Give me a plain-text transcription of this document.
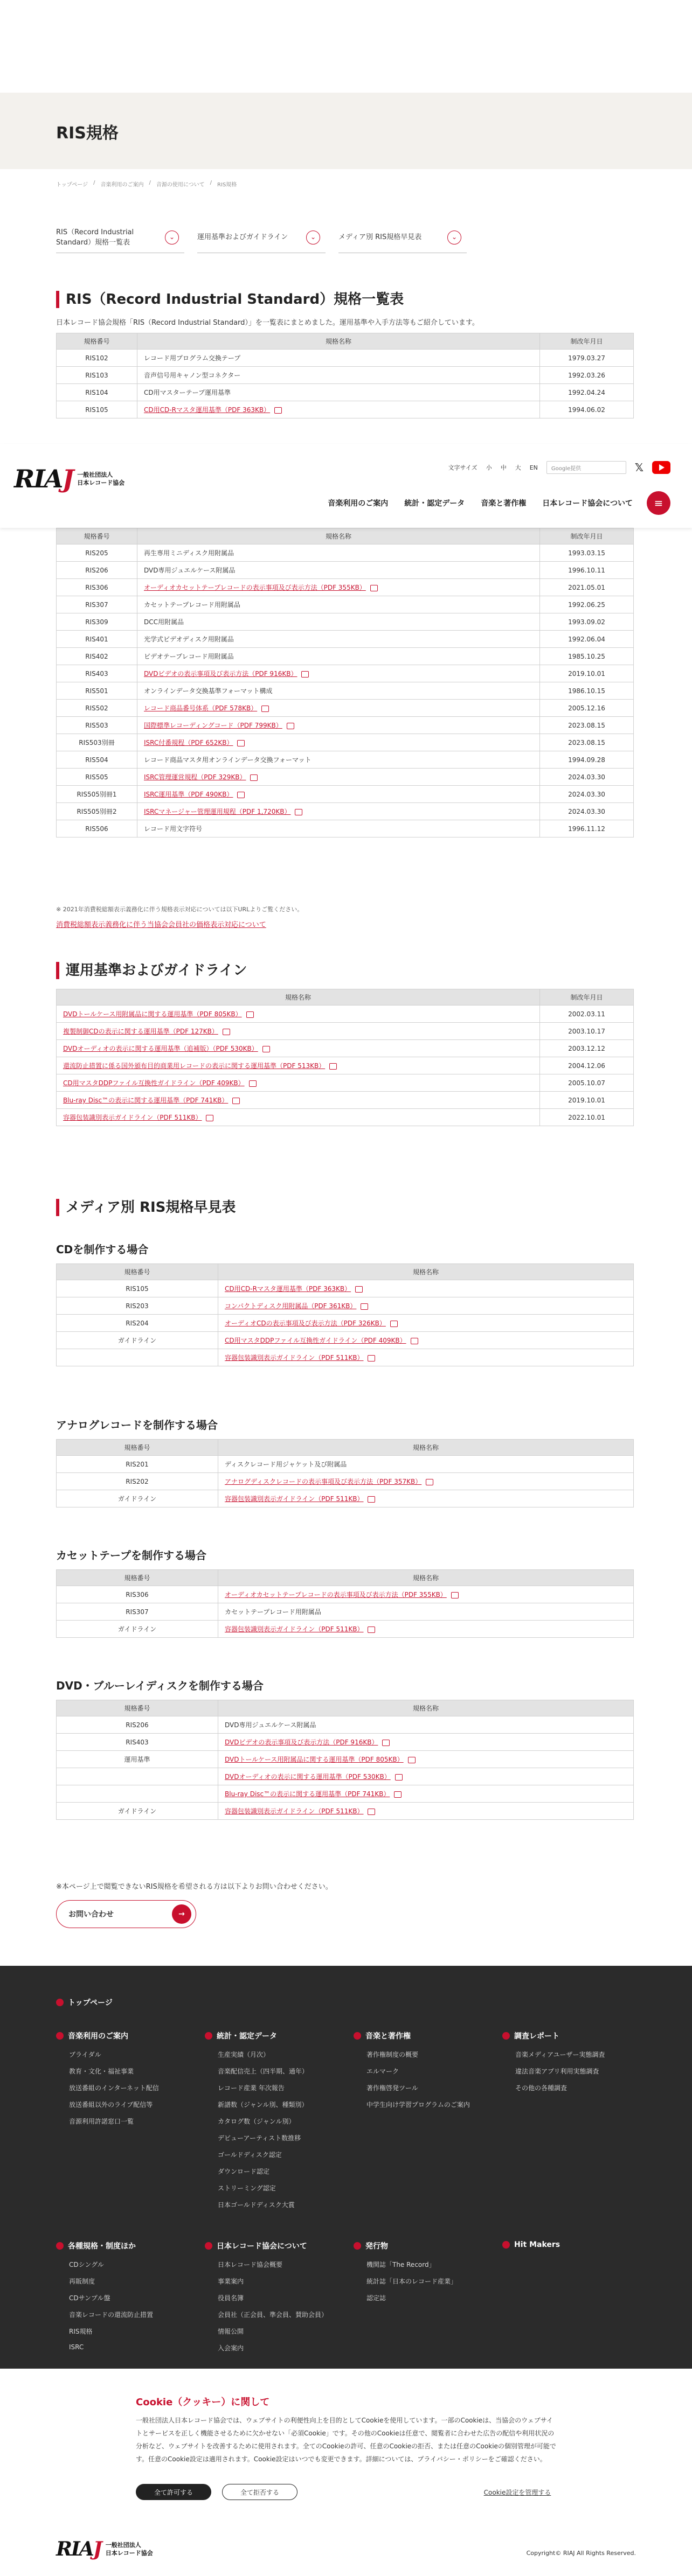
RIS規格
トップページ / 音楽利用のご案内 / 音源の使用について / RIS規格
RIS（Record Industrial Standard）規格一覧表
⌄	運用基準およびガイドライン	⌄	メディア別 RIS規格早見表	⌄
RIS（Record Industrial Standard）規格一覧表
日本レコード協会規格「RIS（Record Industrial Standard）」を一覧表にまとめました。運用基準や入手方法等もご紹介しています。
規格番号	規格名称	制改年月日
RIS102	レコード用プログラム交換テープ	1979.03.27
RIS103	音声信号用キャノン型コネクター	1992.03.26
RIS104	CD用マスターテープ運用基準	1992.04.24
RIS105	CD用CD-Rマスタ運用基準（PDF 363KB）	1994.06.02
RIAJ 一般社団法人
日本レコード協会
文字サイズ 小 中 大 EN	Google提供	𝕏
音楽利用のご案内 統計・認定データ 音楽と著作権 日本レコード協会について	≡
規格番号	規格名称	制改年月日
RIS205	再生専用ミニディスク用附属品	1993.03.15
RIS206	DVD専用ジュエルケース附属品	1996.10.11
RIS306	オーディオカセットテープレコードの表示事項及び表示方法（PDF 355KB）	2021.05.01
RIS307	カセットテープレコード用附属品	1992.06.25
RIS309	DCC用附属品	1993.09.02
RIS401	光学式ビデオディスク用附属品	1992.06.04
RIS402	ビデオテープレコード用附属品	1985.10.25
RIS403	DVDビデオの表示事項及び表示方法（PDF 916KB）	2019.10.01
RIS501	オンラインデータ交換基準フォーマット構成	1986.10.15
RIS502	レコード商品番号体系（PDF 578KB）	2005.12.16
RIS503	国際標準レコーディングコード（PDF 799KB）	2023.08.15
RIS503別冊	ISRC付番規程（PDF 652KB）	2023.08.15
RIS504	レコード商品マスタ用オンラインデータ交換フォーマット	1994.09.28
RIS505	ISRC管理運営規程（PDF 329KB）	2024.03.30
RIS505別冊1	ISRC運用基準（PDF 490KB）	2024.03.30
RIS505別冊2	ISRCマネージャー管理運用規程（PDF 1,720KB）	2024.03.30
RIS506	レコード用文字符号	1996.11.12
※ 2021年消費税総額表示義務化に伴う規格表示対応については以下URLよりご覧ください。
消費税総額表示義務化に伴う当協会会員社の価格表示対応について
運用基準およびガイドライン
規格名称	制改年月日
DVDトールケース用附属品に関する運用基準（PDF 805KB）	2002.03.11
複製制御CDの表示に関する運用基準（PDF 127KB）	2003.10.17
DVDオーディオの表示に関する運用基準（追補版）（PDF 530KB）	2003.12.12
還流防止措置に係る国外頒布目的商業用レコードの表示に関する運用基準（PDF 513KB）	2004.12.06
CD用マスタDDPファイル互換性ガイドライン（PDF 409KB）	2005.10.07
Blu-ray Disc™の表示に関する運用基準（PDF 741KB）	2019.10.01
容器包装識別表示ガイドライン（PDF 511KB）	2022.10.01
メディア別 RIS規格早見表
CDを制作する場合
規格番号	規格名称
RIS105	CD用CD-Rマスタ運用基準（PDF 363KB）
RIS203	コンパクトディスク用附属品（PDF 361KB）
RIS204	オーディオCDの表示事項及び表示方法（PDF 326KB）
ガイドライン	CD用マスタDDPファイル互換性ガイドライン（PDF 409KB）
	容器包装識別表示ガイドライン（PDF 511KB）
アナログレコードを制作する場合
規格番号	規格名称
RIS201	ディスクレコード用ジャケット及び附属品
RIS202	アナログディスクレコードの表示事項及び表示方法（PDF 357KB）
ガイドライン	容器包装識別表示ガイドライン（PDF 511KB）
カセットテープを制作する場合
規格番号	規格名称
RIS306	オーディオカセットテープレコードの表示事項及び表示方法（PDF 355KB）
RIS307	カセットテープレコード用附属品
ガイドライン	容器包装識別表示ガイドライン（PDF 511KB）
DVD・ブルーレイディスクを制作する場合
規格番号	規格名称
RIS206	DVD専用ジュエルケース附属品
RIS403	DVDビデオの表示事項及び表示方法（PDF 916KB）
運用基準	DVDトールケース用附属品に関する運用基準（PDF 805KB）
	DVDオーディオの表示に関する運用基準（PDF 530KB）
	Blu-ray Disc™の表示に関する運用基準（PDF 741KB）
ガイドライン	容器包装識別表示ガイドライン（PDF 511KB）
※本ページ上で閲覧できないRIS規格を希望される方は以下よりお問い合わせください。
お問い合わせ	→
トップページ
音楽利用のご案内
ブライダル
教育・文化・福祉事業
放送番組のインターネット配信
放送番組以外のライブ配信等
音源利用許諾窓口一覧
統計・認定データ
生産実績（月次）
音楽配信売上（四半期、通年）
レコード産業 年次報告
新譜数（ジャンル別、種類別）
カタログ数（ジャンル別）
デビューアーティスト数推移
ゴールドディスク認定
ダウンロード認定
ストリーミング認定
日本ゴールドディスク大賞
音楽と著作権
著作権制度の概要
エルマーク
著作権啓発ツール
中学生向け学習プログラムのご案内
調査レポート
音楽メディアユーザー実態調査
違法音楽アプリ利用実態調査
その他の各種調査
各種規格・制度ほか
CDシングル
再販制度
CDサンプル盤
音楽レコードの還流防止措置
RIS規格
ISRC
日本レコード協会について
日本レコード協会概要
事業案内
役員名簿
会員社（正会員、準会員、賛助会員）
情報公開
入会案内
発行物
機関誌「The Record」
統計誌「日本のレコード産業」
認定誌
Hit Makers
Cookie（クッキー）に関して

一般社団法人日本レコード協会では、ウェブサイトの利便性向上を目的としてCookieを使用しています。一部のCookieは、当協会のウェブサイトとサービスを正しく機能させるために欠かせない「必須Cookie」です。その他のCookieは任意で、閲覧者に合わせた広告の配信や利用状況の分析など、ウェブサイトを改善するために使用されます。全てのCookieの許可、任意のCookieの拒否、または任意のCookieの個別管理が可能です。任意のCookie設定は適用されます。Cookie設定はいつでも変更できます。詳細については、プライバシー・ポリシーをご確認ください。

全て許可する	全て拒否する	Cookie設定を管理する
RIAJ 一般社団法人
日本レコード協会	Copyright© RIAJ All Rights Reserved.
